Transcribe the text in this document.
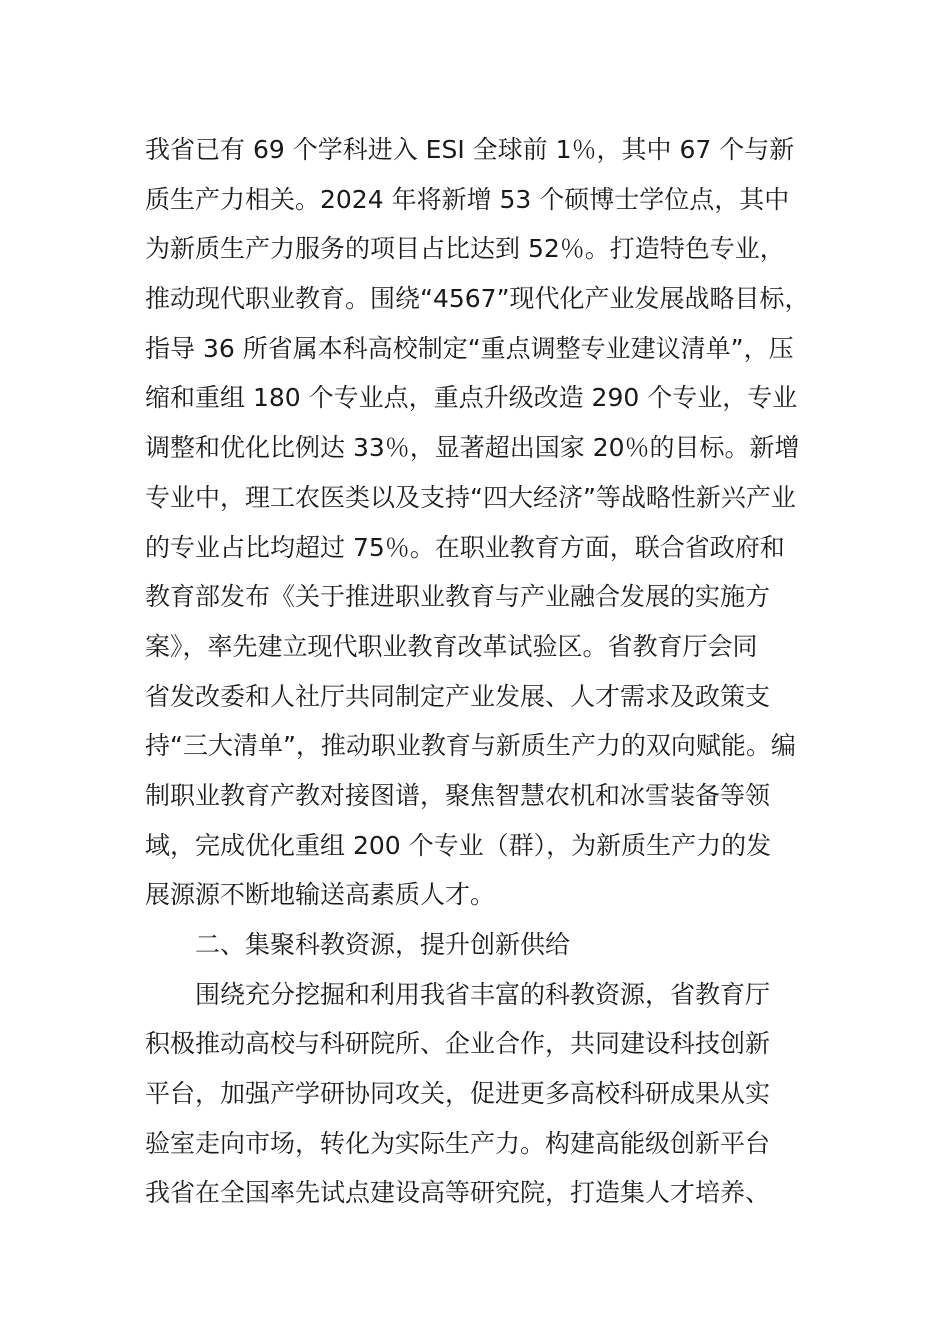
我省已有 69 个学科进入 ESI 全球前 1％，其中 67 个与新
质生产力相关。2024 年将新增 53 个硕博士学位点，其中
为新质生产力服务的项目占比达到 52％。打造特色专业，
推动现代职业教育。围绕“4567”现代化产业发展战略目标，
指导 36 所省属本科高校制定“重点调整专业建议清单”，压
缩和重组 180 个专业点，重点升级改造 290 个专业，专业
调整和优化比例达 33％，显著超出国家 20％的目标。新增
专业中，理工农医类以及支持“四大经济”等战略性新兴产业
的专业占比均超过 75％。在职业教育方面，联合省政府和
教育部发布《关于推进职业教育与产业融合发展的实施方
案》，率先建立现代职业教育改革试验区。省教育厅会同
省发改委和人社厅共同制定产业发展、人才需求及政策支
持“三大清单”，推动职业教育与新质生产力的双向赋能。编
制职业教育产教对接图谱，聚焦智慧农机和冰雪装备等领
域，完成优化重组 200 个专业（群），为新质生产力的发
展源源不断地输送高素质人才。
二、集聚科教资源，提升创新供给
围绕充分挖掘和利用我省丰富的科教资源，省教育厅
积极推动高校与科研院所、企业合作，共同建设科技创新
平台，加强产学研协同攻关，促进更多高校科研成果从实
验室走向市场，转化为实际生产力。构建高能级创新平台
我省在全国率先试点建设高等研究院，打造集人才培养、
